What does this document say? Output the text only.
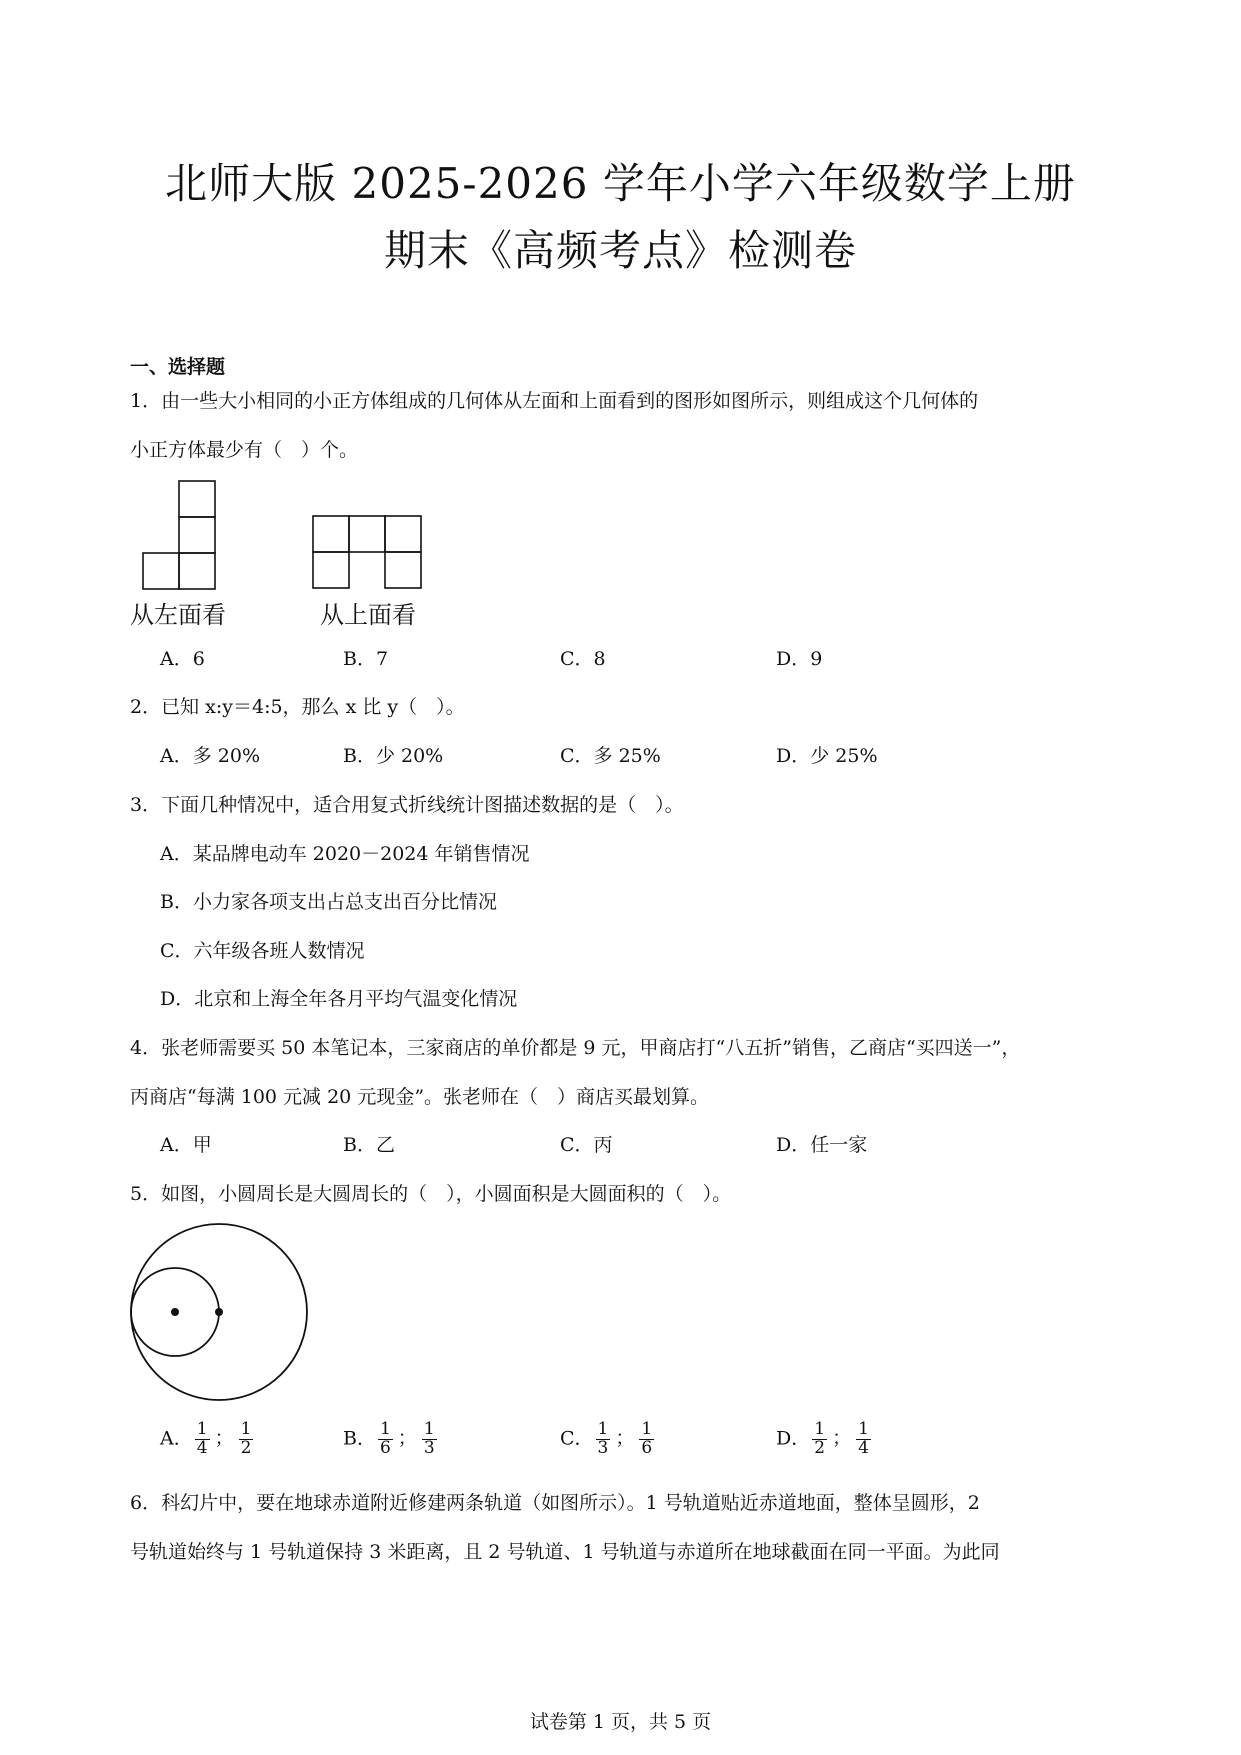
北师大版 2025-2026 学年小学六年级数学上册
期末《高频考点》检测卷
一、选择题
1．由一些大小相同的小正方体组成的几何体从左面和上面看到的图形如图所示，则组成这个几何体的
小正方体最少有（　）个。
从左面看	从上面看
A．6	B．7	C．8	D．9
2．已知 x:y＝4:5，那么 x 比 y（　）。
A．多 20%	B．少 20%	C．多 25%	D．少 25%
3．下面几种情况中，适合用复式折线统计图描述数据的是（　）。
A．某品牌电动车 2020－2024 年销售情况
B．小力家各项支出占总支出百分比情况
C．六年级各班人数情况
D．北京和上海全年各月平均气温变化情况
4．张老师需要买 50 本笔记本，三家商店的单价都是 9 元，甲商店打“八五折”销售，乙商店“买四送一”，
丙商店“每满 100 元减 20 元现金”。张老师在（　）商店买最划算。
A．甲	B．乙	C．丙	D．任一家
5．如图，小圆周长是大圆周长的（　），小圆面积是大圆面积的（　）。
A． $\frac{1}{4}$ ； $\frac{1}{2}$	B． $\frac{1}{6}$ ； $\frac{1}{3}$	C． $\frac{1}{3}$ ； $\frac{1}{6}$	D． $\frac{1}{2}$ ； $\frac{1}{4}$
6．科幻片中，要在地球赤道附近修建两条轨道（如图所示）。1 号轨道贴近赤道地面，整体呈圆形，2
号轨道始终与 1 号轨道保持 3 米距离，且 2 号轨道、1 号轨道与赤道所在地球截面在同一平面。为此同
试卷第 1 页，共 5 页
